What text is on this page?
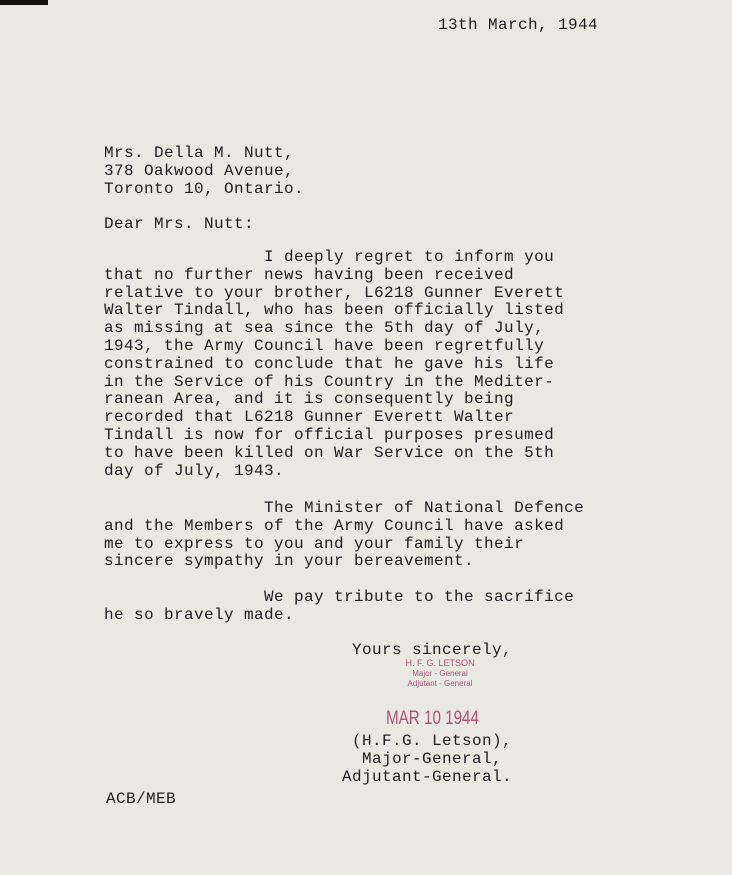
13th March, 1944
Mrs. Della M. Nutt,
378 Oakwood Avenue,
Toronto 10, Ontario.
Dear Mrs. Nutt:
I deeply regret to inform you
that no further news having been received
relative to your brother, L6218 Gunner Everett
Walter Tindall, who has been officially listed
as missing at sea since the 5th day of July,
1943, the Army Council have been regretfully
constrained to conclude that he gave his life
in the Service of his Country in the Mediter-
ranean Area, and it is consequently being
recorded that L6218 Gunner Everett Walter
Tindall is now for official purposes presumed
to have been killed on War Service on the 5th
day of July, 1943.
The Minister of National Defence
and the Members of the Army Council have asked
me to express to you and your family their
sincere sympathy in your bereavement.
We pay tribute to the sacrifice
he so bravely made.
Yours sincerely,
H. F. G. LETSON
Major - General
Adjutant - General
MAR 10 1944
(H.F.G. Letson),
Major-General,
Adjutant-General.
ACB/MEB
